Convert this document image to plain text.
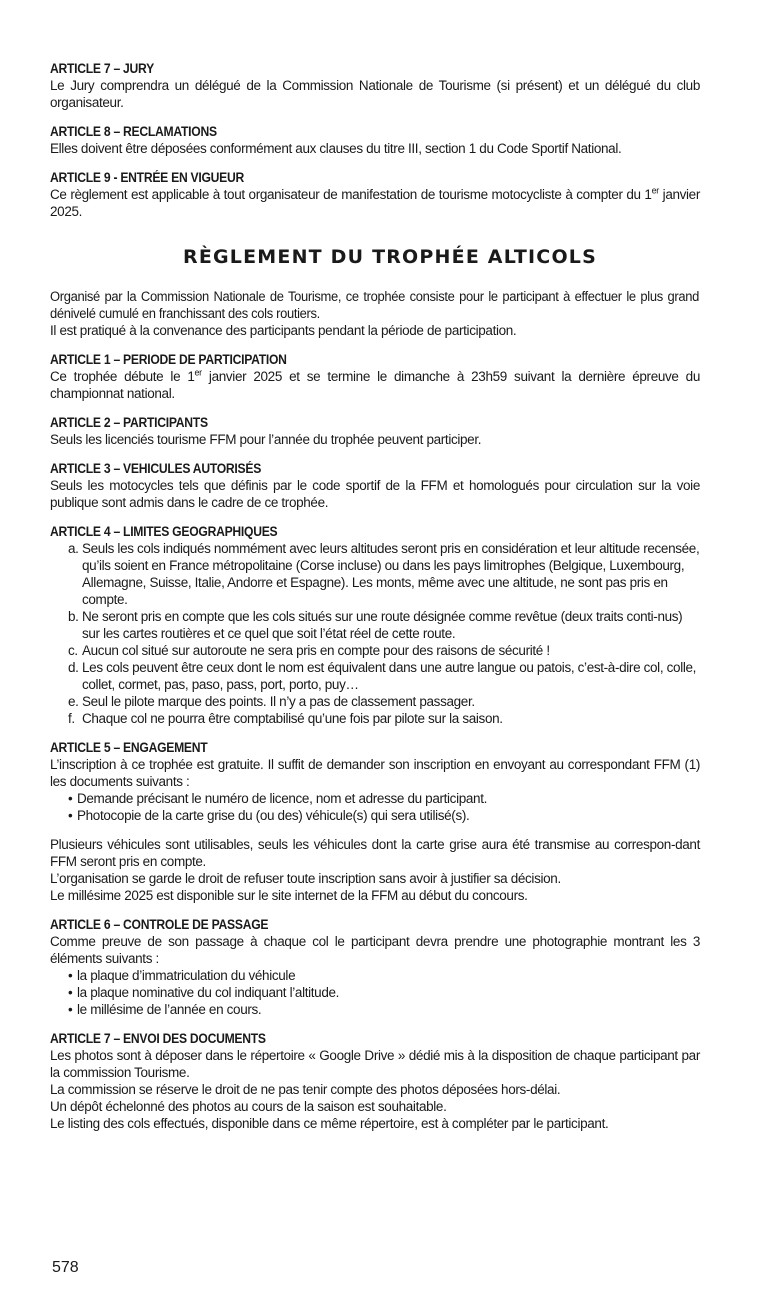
ARTICLE 7 – JURY
Le Jury comprendra un délégué de la Commission Nationale de Tourisme (si présent) et un délégué du club organisateur.
ARTICLE 8 – RECLAMATIONS
Elles doivent être déposées conformément aux clauses du titre III, section 1 du Code Sportif National.
ARTICLE 9 - ENTRÉE EN VIGUEUR
Ce règlement est applicable à tout organisateur de manifestation de tourisme motocycliste à compter du 1er janvier 2025.
RÈGLEMENT DU TROPHÉE ALTICOLS
Organisé par la Commission Nationale de Tourisme, ce trophée consiste pour le participant à effectuer le plus grand dénivelé cumulé en franchissant des cols routiers.
Il est pratiqué à la convenance des participants pendant la période de participation.
ARTICLE 1 – PERIODE DE PARTICIPATION
Ce trophée débute le 1er janvier 2025 et se termine le dimanche à 23h59 suivant la dernière épreuve du championnat national.
ARTICLE 2 – PARTICIPANTS
Seuls les licenciés tourisme FFM pour l’année du trophée peuvent participer.
ARTICLE 3 – VEHICULES AUTORISÉS
Seuls les motocycles tels que définis par le code sportif de la FFM et homologués pour circulation sur la voie publique sont admis dans le cadre de ce trophée.
ARTICLE 4 – LIMITES GEOGRAPHIQUES
a. Seuls les cols indiqués nommément avec leurs altitudes seront pris en considération et leur altitude recensée, qu’ils soient en France métropolitaine (Corse incluse) ou dans les pays limitrophes (Belgique, Luxembourg, Allemagne, Suisse, Italie, Andorre et Espagne). Les monts, même avec une altitude, ne sont pas pris en compte.
b. Ne seront pris en compte que les cols situés sur une route désignée comme revêtue (deux traits conti-nus) sur les cartes routières et ce quel que soit l’état réel de cette route.
c. Aucun col situé sur autoroute ne sera pris en compte pour des raisons de sécurité !
d. Les cols peuvent être ceux dont le nom est équivalent dans une autre langue ou patois, c’est-à-dire col, colle, collet, cormet, pas, paso, pass, port, porto, puy…
e. Seul le pilote marque des points. Il n’y a pas de classement passager.
f. Chaque col ne pourra être comptabilisé qu’une fois par pilote sur la saison.
ARTICLE 5 – ENGAGEMENT
L’inscription à ce trophée est gratuite. Il suffit de demander son inscription en envoyant au correspondant FFM (1) les documents suivants :
• Demande précisant le numéro de licence, nom et adresse du participant.
• Photocopie de la carte grise du (ou des) véhicule(s) qui sera utilisé(s).
Plusieurs véhicules sont utilisables, seuls les véhicules dont la carte grise aura été transmise au correspon-dant FFM seront pris en compte.
L’organisation se garde le droit de refuser toute inscription sans avoir à justifier sa décision.
Le millésime 2025 est disponible sur le site internet de la FFM au début du concours.
ARTICLE 6 – CONTROLE DE PASSAGE
Comme preuve de son passage à chaque col le participant devra prendre une photographie montrant les 3 éléments suivants :
• la plaque d’immatriculation du véhicule
• la plaque nominative du col indiquant l’altitude.
• le millésime de l’année en cours.
ARTICLE 7 – ENVOI DES DOCUMENTS
Les photos sont à déposer dans le répertoire « Google Drive » dédié mis à la disposition de chaque participant par la commission Tourisme.
La commission se réserve le droit de ne pas tenir compte des photos déposées hors-délai.
Un dépôt échelonné des photos au cours de la saison est souhaitable.
Le listing des cols effectués, disponible dans ce même répertoire, est à compléter par le participant.
578
